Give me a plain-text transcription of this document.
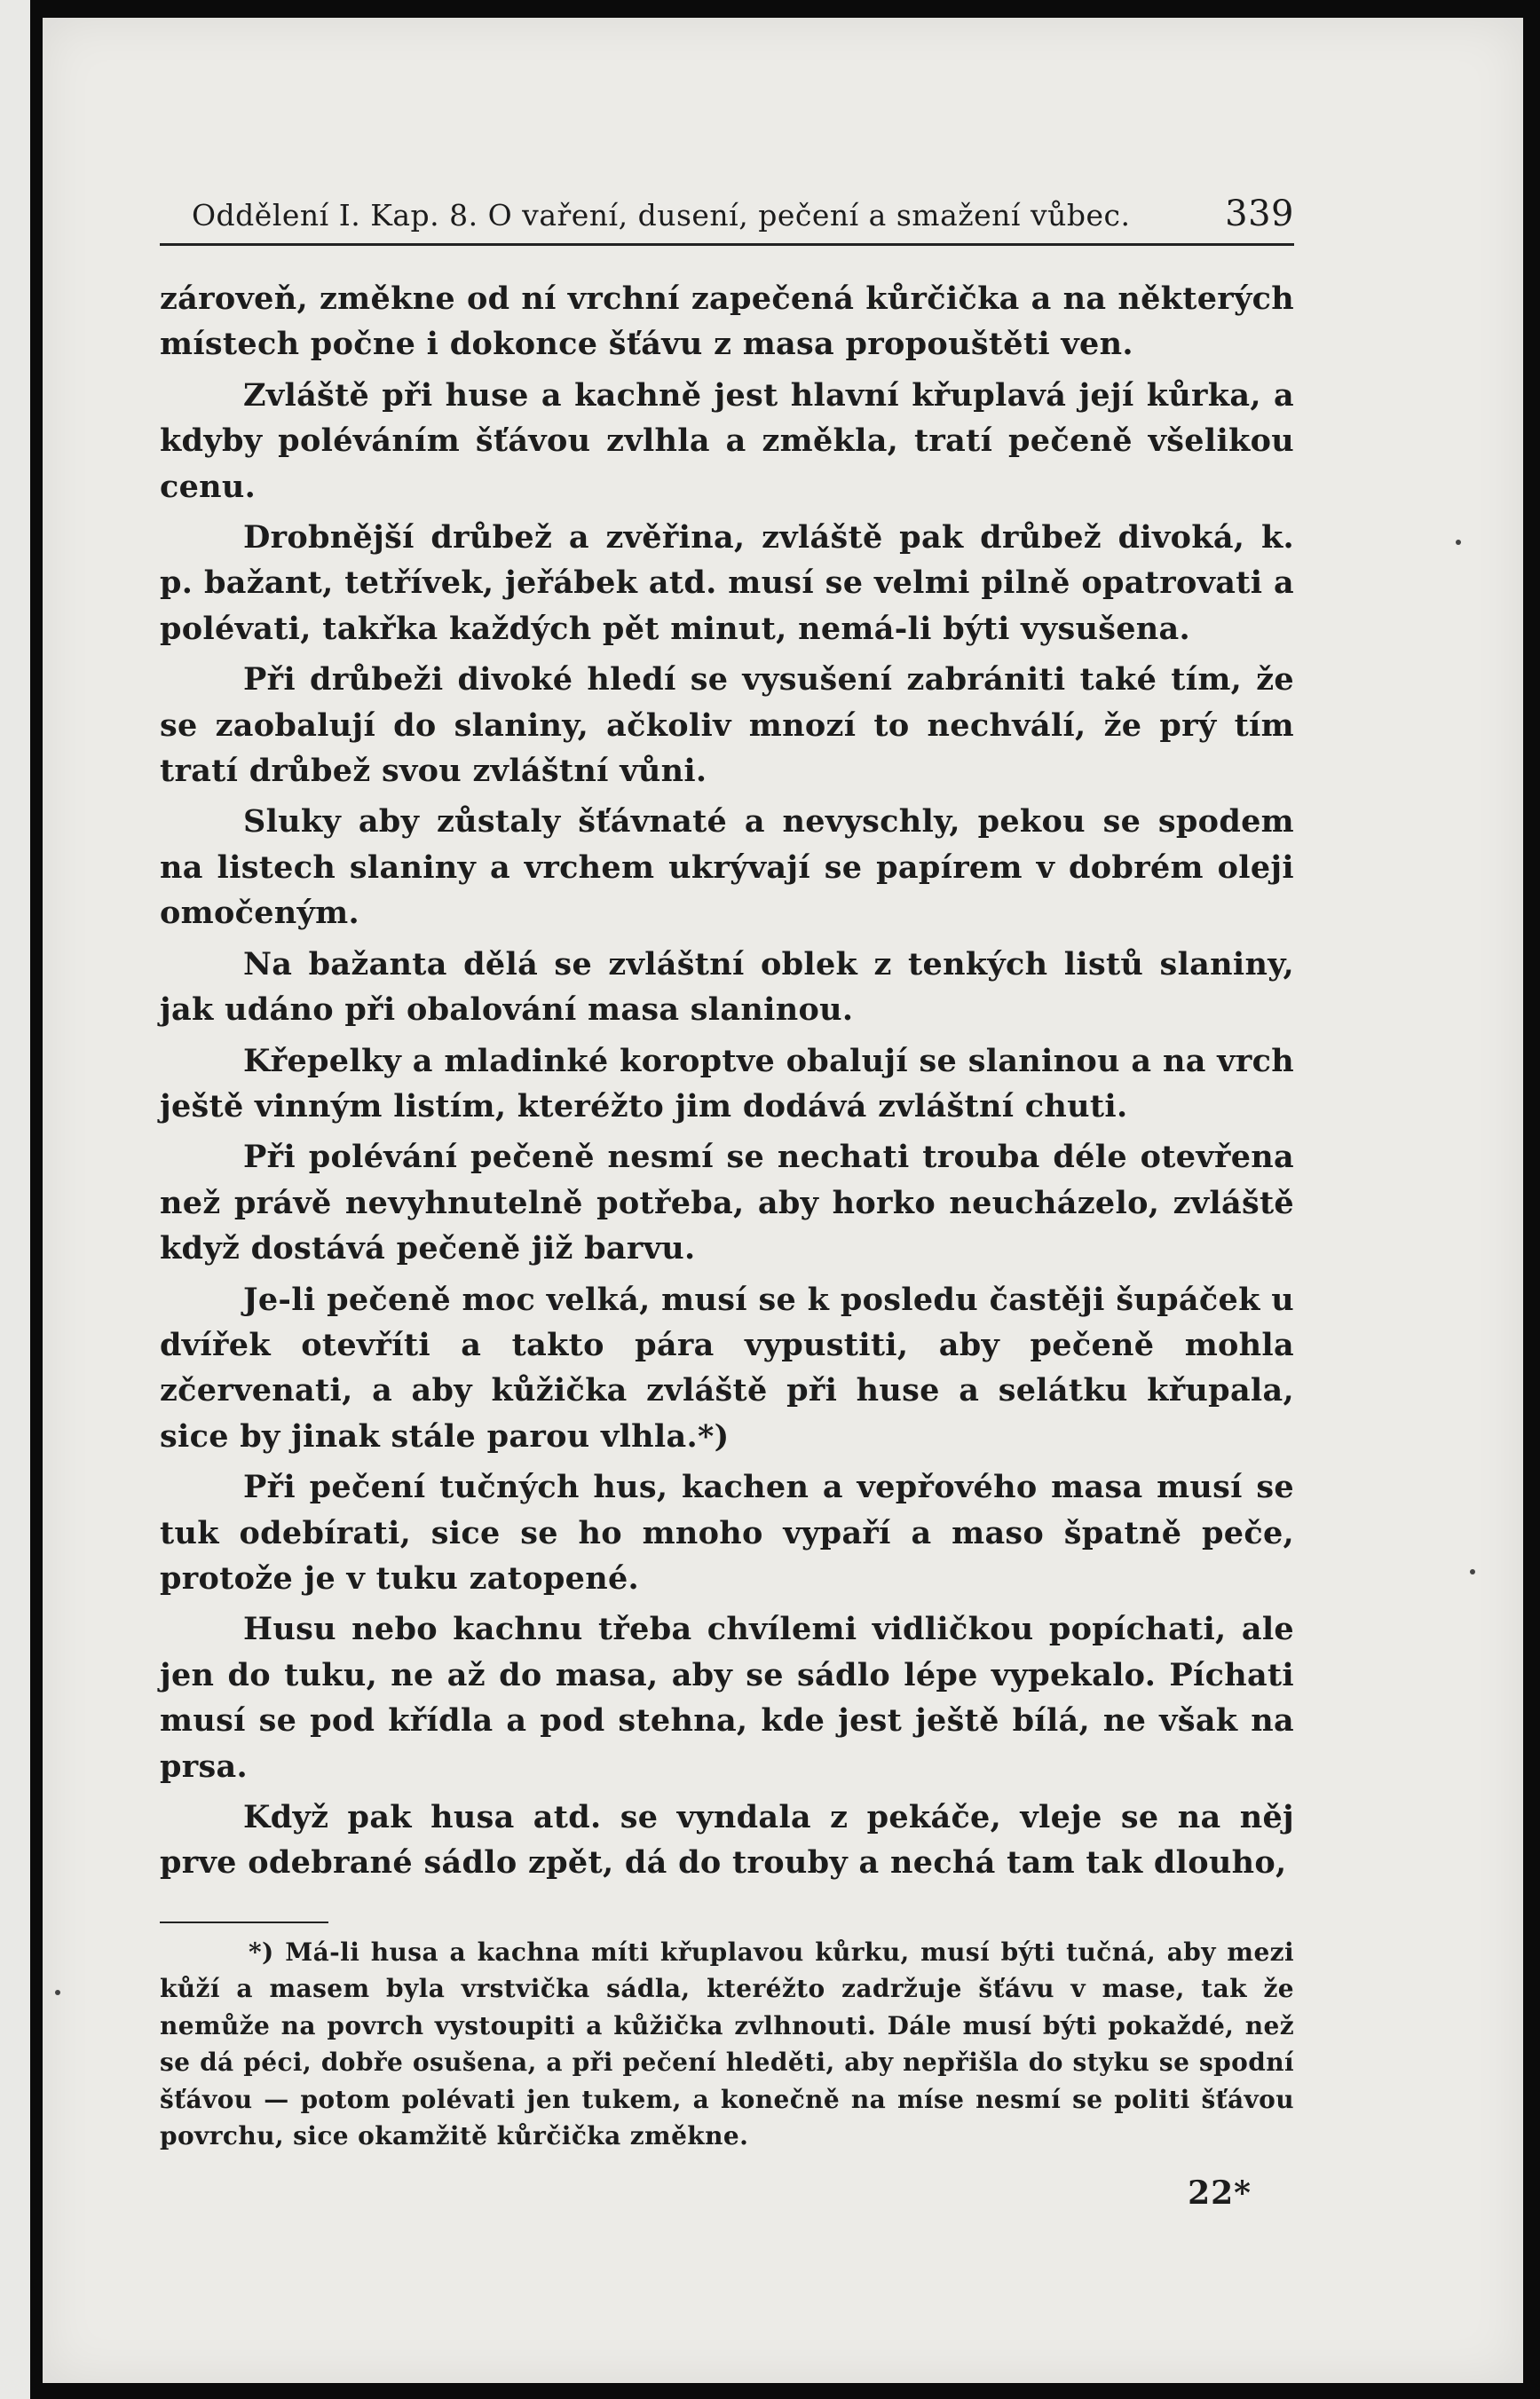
Oddělení I. Kap. 8. O vaření, dusení, pečení a smažení vůbec.	339

zároveň, změkne od ní vrchní zapečená kůrčička a na některých místech počne i dokonce šťávu z masa propouštěti ven.

Zvláště při huse a kachně jest hlavní křuplavá její kůrka, a kdyby poléváním šťávou zvlhla a změkla, tratí pečeně všelikou cenu.

Drobnější drůbež a zvěřina, zvláště pak drůbež divoká, k. p. bažant, tetřívek, jeřábek atd. musí se velmi pilně opatrovati a polévati, takřka každých pět minut, nemá-li býti vysušena.

Při drůbeži divoké hledí se vysušení zabrániti také tím, že se zaobalují do slaniny, ačkoliv mnozí to nechválí, že prý tím tratí drůbež svou zvláštní vůni.

Sluky aby zůstaly šťávnaté a nevyschly, pekou se spodem na listech slaniny a vrchem ukrývají se papírem v dobrém oleji omočeným.

Na bažanta dělá se zvláštní oblek z tenkých listů slaniny, jak udáno při obalování masa slaninou.

Křepelky a mladinké koroptve obalují se slaninou a na vrch ještě vinným listím, kteréžto jim dodává zvláštní chuti.

Při polévání pečeně nesmí se nechati trouba déle otevřena než právě nevyhnutelně potřeba, aby horko neucházelo, zvláště když dostává pečeně již barvu.

Je-li pečeně moc velká, musí se k posledu častěji šupáček u dvířek otevříti a takto pára vypustiti, aby pečeně mohla zčervenati, a aby kůžička zvláště při huse a selátku křupala, sice by jinak stále parou vlhla.*)

Při pečení tučných hus, kachen a vepřového masa musí se tuk odebírati, sice se ho mnoho vypaří a maso špatně peče, protože je v tuku zatopené.

Husu nebo kachnu třeba chvílemi vidličkou popíchati, ale jen do tuku, ne až do masa, aby se sádlo lépe vypekalo. Píchati musí se pod křídla a pod stehna, kde jest ještě bílá, ne však na prsa.

Když pak husa atd. se vyndala z pekáče, vleje se na něj prve odebrané sádlo zpět, dá do trouby a nechá tam tak dlouho,

*) Má-li husa a kachna míti křuplavou kůrku, musí býti tučná, aby mezi kůží a masem byla vrstvička sádla, kteréžto zadržuje šťávu v mase, tak že nemůže na povrch vystoupiti a kůžička zvlhnouti. Dále musí býti pokaždé, než se dá péci, dobře osušena, a při pečení hleděti, aby nepřišla do styku se spodní šťávou — potom polévati jen tukem, a konečně na míse nesmí se politi šťávou povrchu, sice okamžitě kůrčička změkne.

22*
